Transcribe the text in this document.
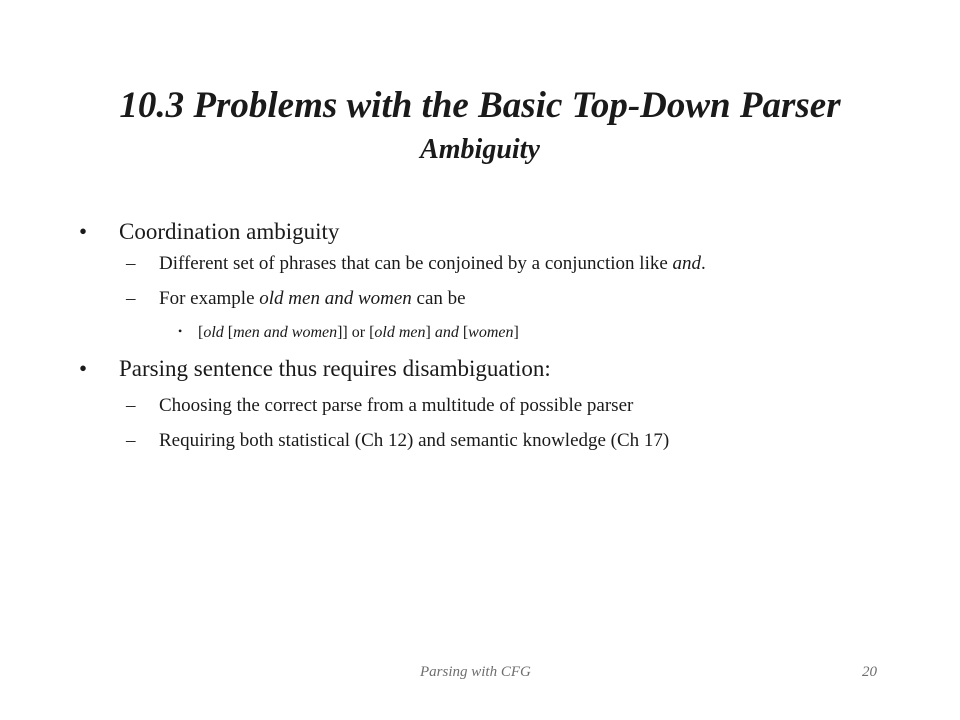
10.3 Problems with the Basic Top-Down Parser
Ambiguity
• Coordination ambiguity
– Different set of phrases that can be conjoined by a conjunction like and.
– For example old men and women can be
• [old [men and women]] or [old men] and [women]
• Parsing sentence thus requires disambiguation:
– Choosing the correct parse from a multitude of possible parser
– Requiring both statistical (Ch 12) and semantic knowledge (Ch 17)
Parsing with CFG	20
